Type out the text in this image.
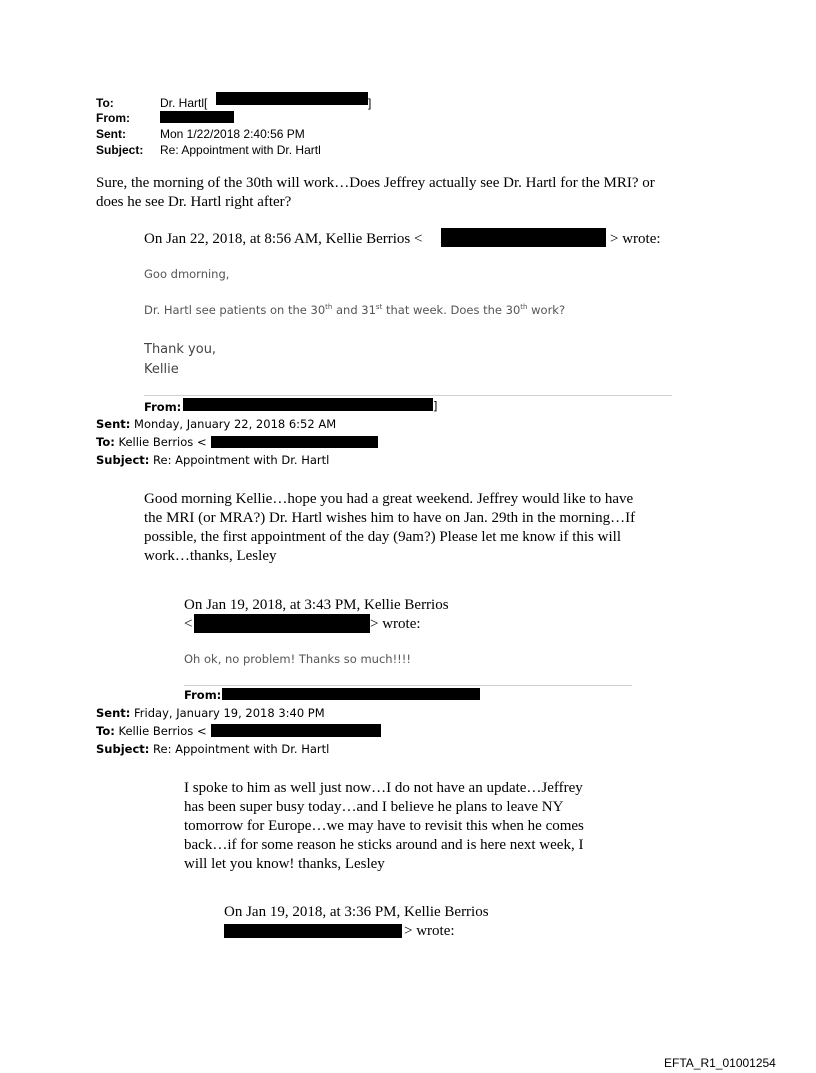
To:	Dr. Hartl[	]
From:
Sent:	Mon 1/22/2018 2:40:56 PM
Subject: Re: Appointment with Dr. Hartl
Sure, the morning of the 30th will work…Does Jeffrey actually see Dr. Hartl for the MRI? or
does he see Dr. Hartl right after?
On Jan 22, 2018, at 8:56 AM, Kellie Berrios <	> wrote:
Goo dmorning,
Dr. Hartl see patients on the 30th and 31st that week. Does the 30th work?
Thank you,
Kellie
From:	]
Sent: Monday, January 22, 2018 6:52 AM
To: Kellie Berrios <
Subject: Re: Appointment with Dr. Hartl
Good morning Kellie…hope you had a great weekend. Jeffrey would like to have
the MRI (or MRA?) Dr. Hartl wishes him to have on Jan. 29th in the morning…If
possible, the first appointment of the day (9am?) Please let me know if this will
work…thanks, Lesley
On Jan 19, 2018, at 3:43 PM, Kellie Berrios
<	> wrote:
Oh ok, no problem! Thanks so much!!!!
From:
Sent: Friday, January 19, 2018 3:40 PM
To: Kellie Berrios <
Subject: Re: Appointment with Dr. Hartl
I spoke to him as well just now…I do not have an update…Jeffrey
has been super busy today…and I believe he plans to leave NY
tomorrow for Europe…we may have to revisit this when he comes
back…if for some reason he sticks around and is here next week, I
will let you know! thanks, Lesley
On Jan 19, 2018, at 3:36 PM, Kellie Berrios
> wrote:
EFTA_R1_01001254
